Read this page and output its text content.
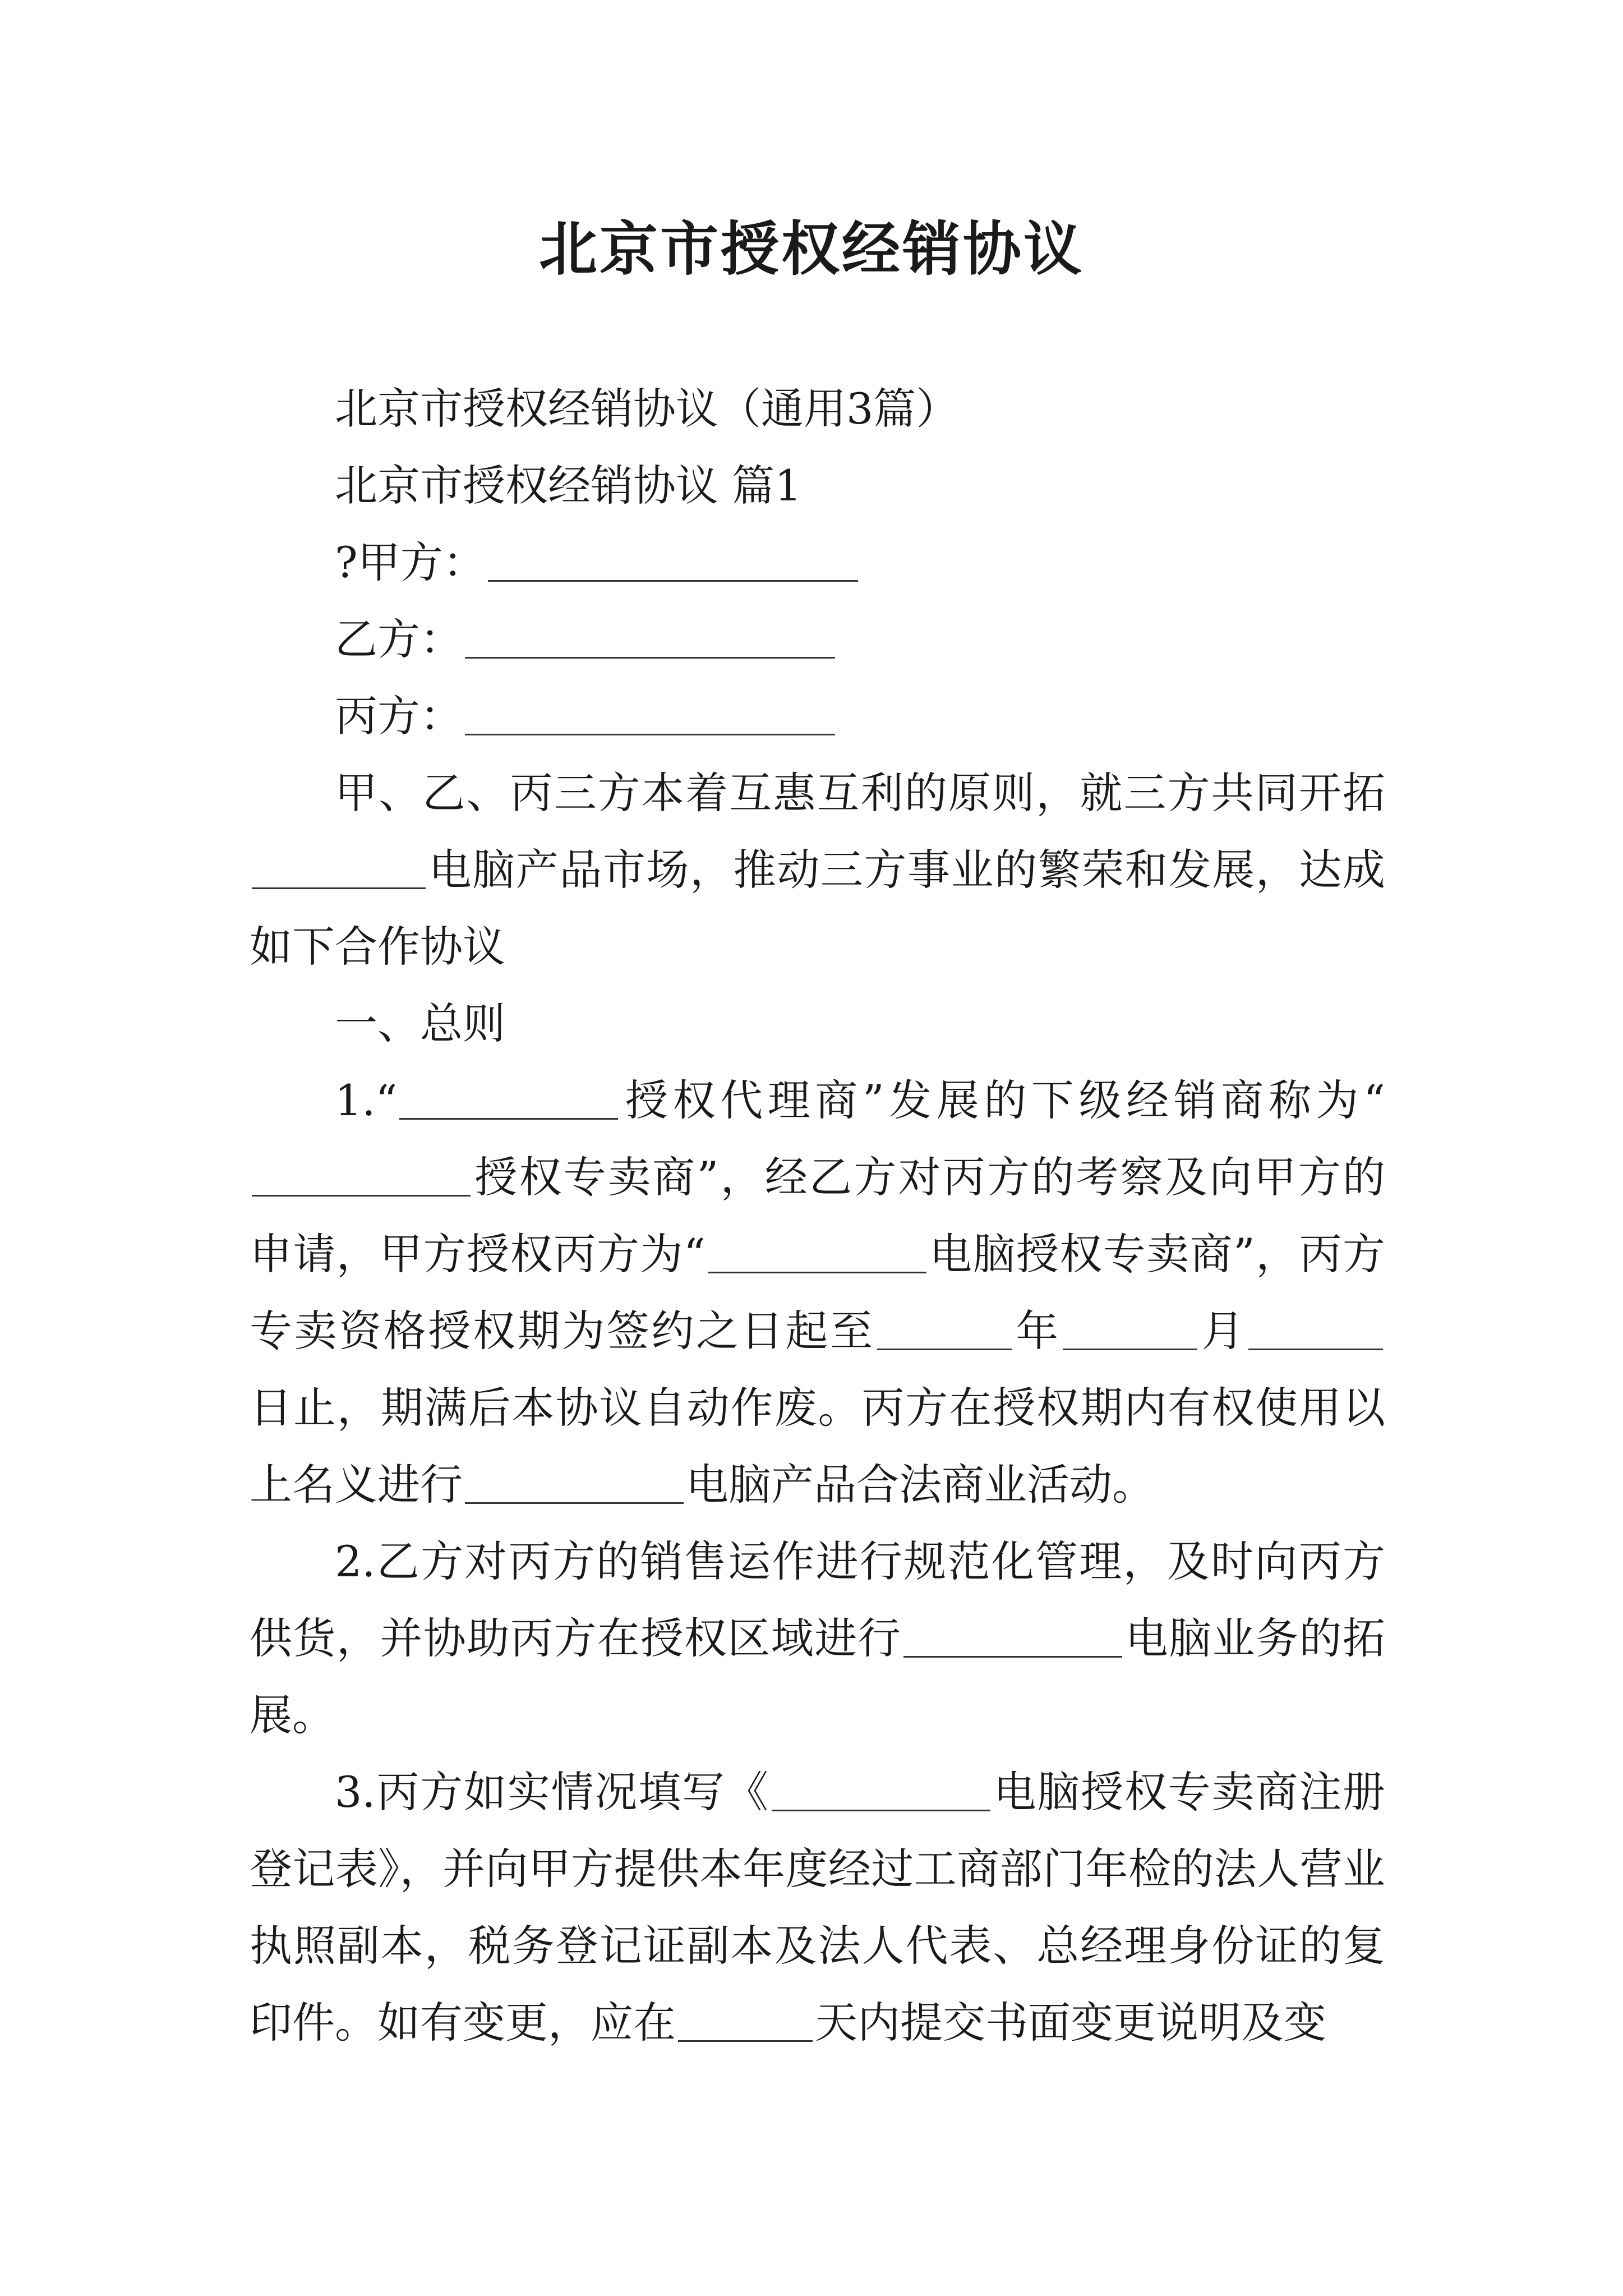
北京市授权经销协议

北京市授权经销协议（通用3篇）

北京市授权经销协议 篇1

?甲方：

乙方：

丙方：

甲、乙、丙三方本着互惠互利的原则，就三方共同开拓电脑产品市场，推动三方事业的繁荣和发展，达成如下合作协议

一、总则

1.“	授权代理商”发展的下级经销商称为“授权专卖商”，经乙方对丙方的考察及向甲方的申请，甲方授权丙方为“	电脑授权专卖商”，丙方专卖资格授权期为签约之日起至	年	月日止，期满后本协议自动作废。丙方在授权期内有权使用以上名义进行	电脑产品合法商业活动。

2.乙方对丙方的销售运作进行规范化管理，及时向丙方供货，并协助丙方在授权区域进行	电脑业务的拓展。

3.丙方如实情况填写《	电脑授权专卖商注册登记表》，并向甲方提供本年度经过工商部门年检的法人营业执照副本，税务登记证副本及法人代表、总经理身份证的复印件。如有变更，应在	天内提交书面变更说明及变
